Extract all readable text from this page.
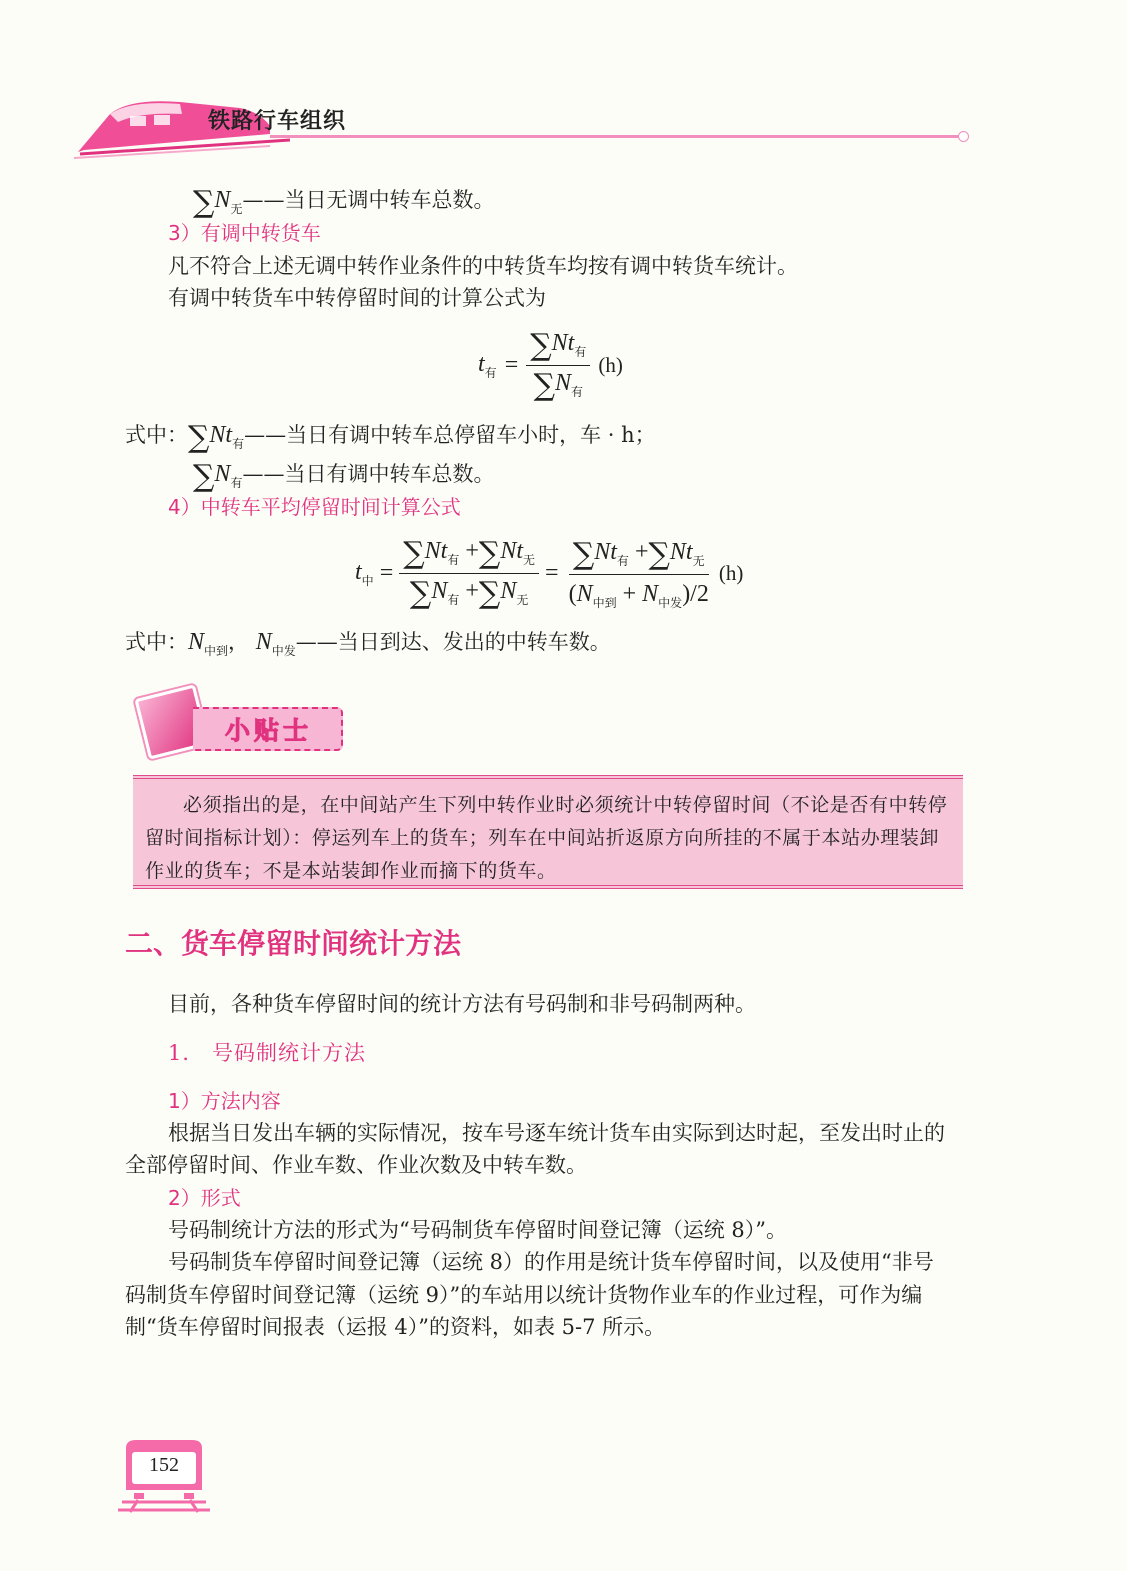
铁路行车组织
$\sum N_无——$当日无调中转车总数。
3）有调中转货车
凡不符合上述无调中转作业条件的中转货车均按有调中转货车统计。
有调中转货车中转停留时间的计算公式为
$t_有 = \frac{\sum Nt_有}{\sum N_有} (h)$
式中：$\sum Nt_有——$当日有调中转车总停留车小时，车 · h；
$\sum N_有——$当日有调中转车总数。
4）中转车平均停留时间计算公式
$t_中 = \frac{\sum Nt_有 +\sum Nt_无}{\sum N_有 +\sum N_无} = \frac{\sum Nt_有 +\sum Nt_无}{(N_{中到} + N_{中发})/2} (h)$
式中：$N_{中到}$， $N_{中发}——$当日到达、发出的中转车数。
小贴士
必须指出的是，在中间站产生下列中转作业时必须统计中转停留时间（不论是否有中转停留时间指标计划）：停运列车上的货车；列车在中间站折返原方向所挂的不属于本站办理装卸作业的货车；不是本站装卸作业而摘下的货车。
二、货车停留时间统计方法
目前，各种货车停留时间的统计方法有号码制和非号码制两种。
1． 号码制统计方法
1）方法内容
根据当日发出车辆的实际情况，按车号逐车统计货车由实际到达时起，至发出时止的
全部停留时间、作业车数、作业次数及中转车数。
2）形式
号码制统计方法的形式为“号码制货车停留时间登记簿（运统 8）”。
号码制货车停留时间登记簿（运统 8）的作用是统计货车停留时间，以及使用“非号
码制货车停留时间登记簿（运统 9）”的车站用以统计货物作业车的作业过程，可作为编
制“货车停留时间报表（运报 4）”的资料，如表 5-7 所示。
152
